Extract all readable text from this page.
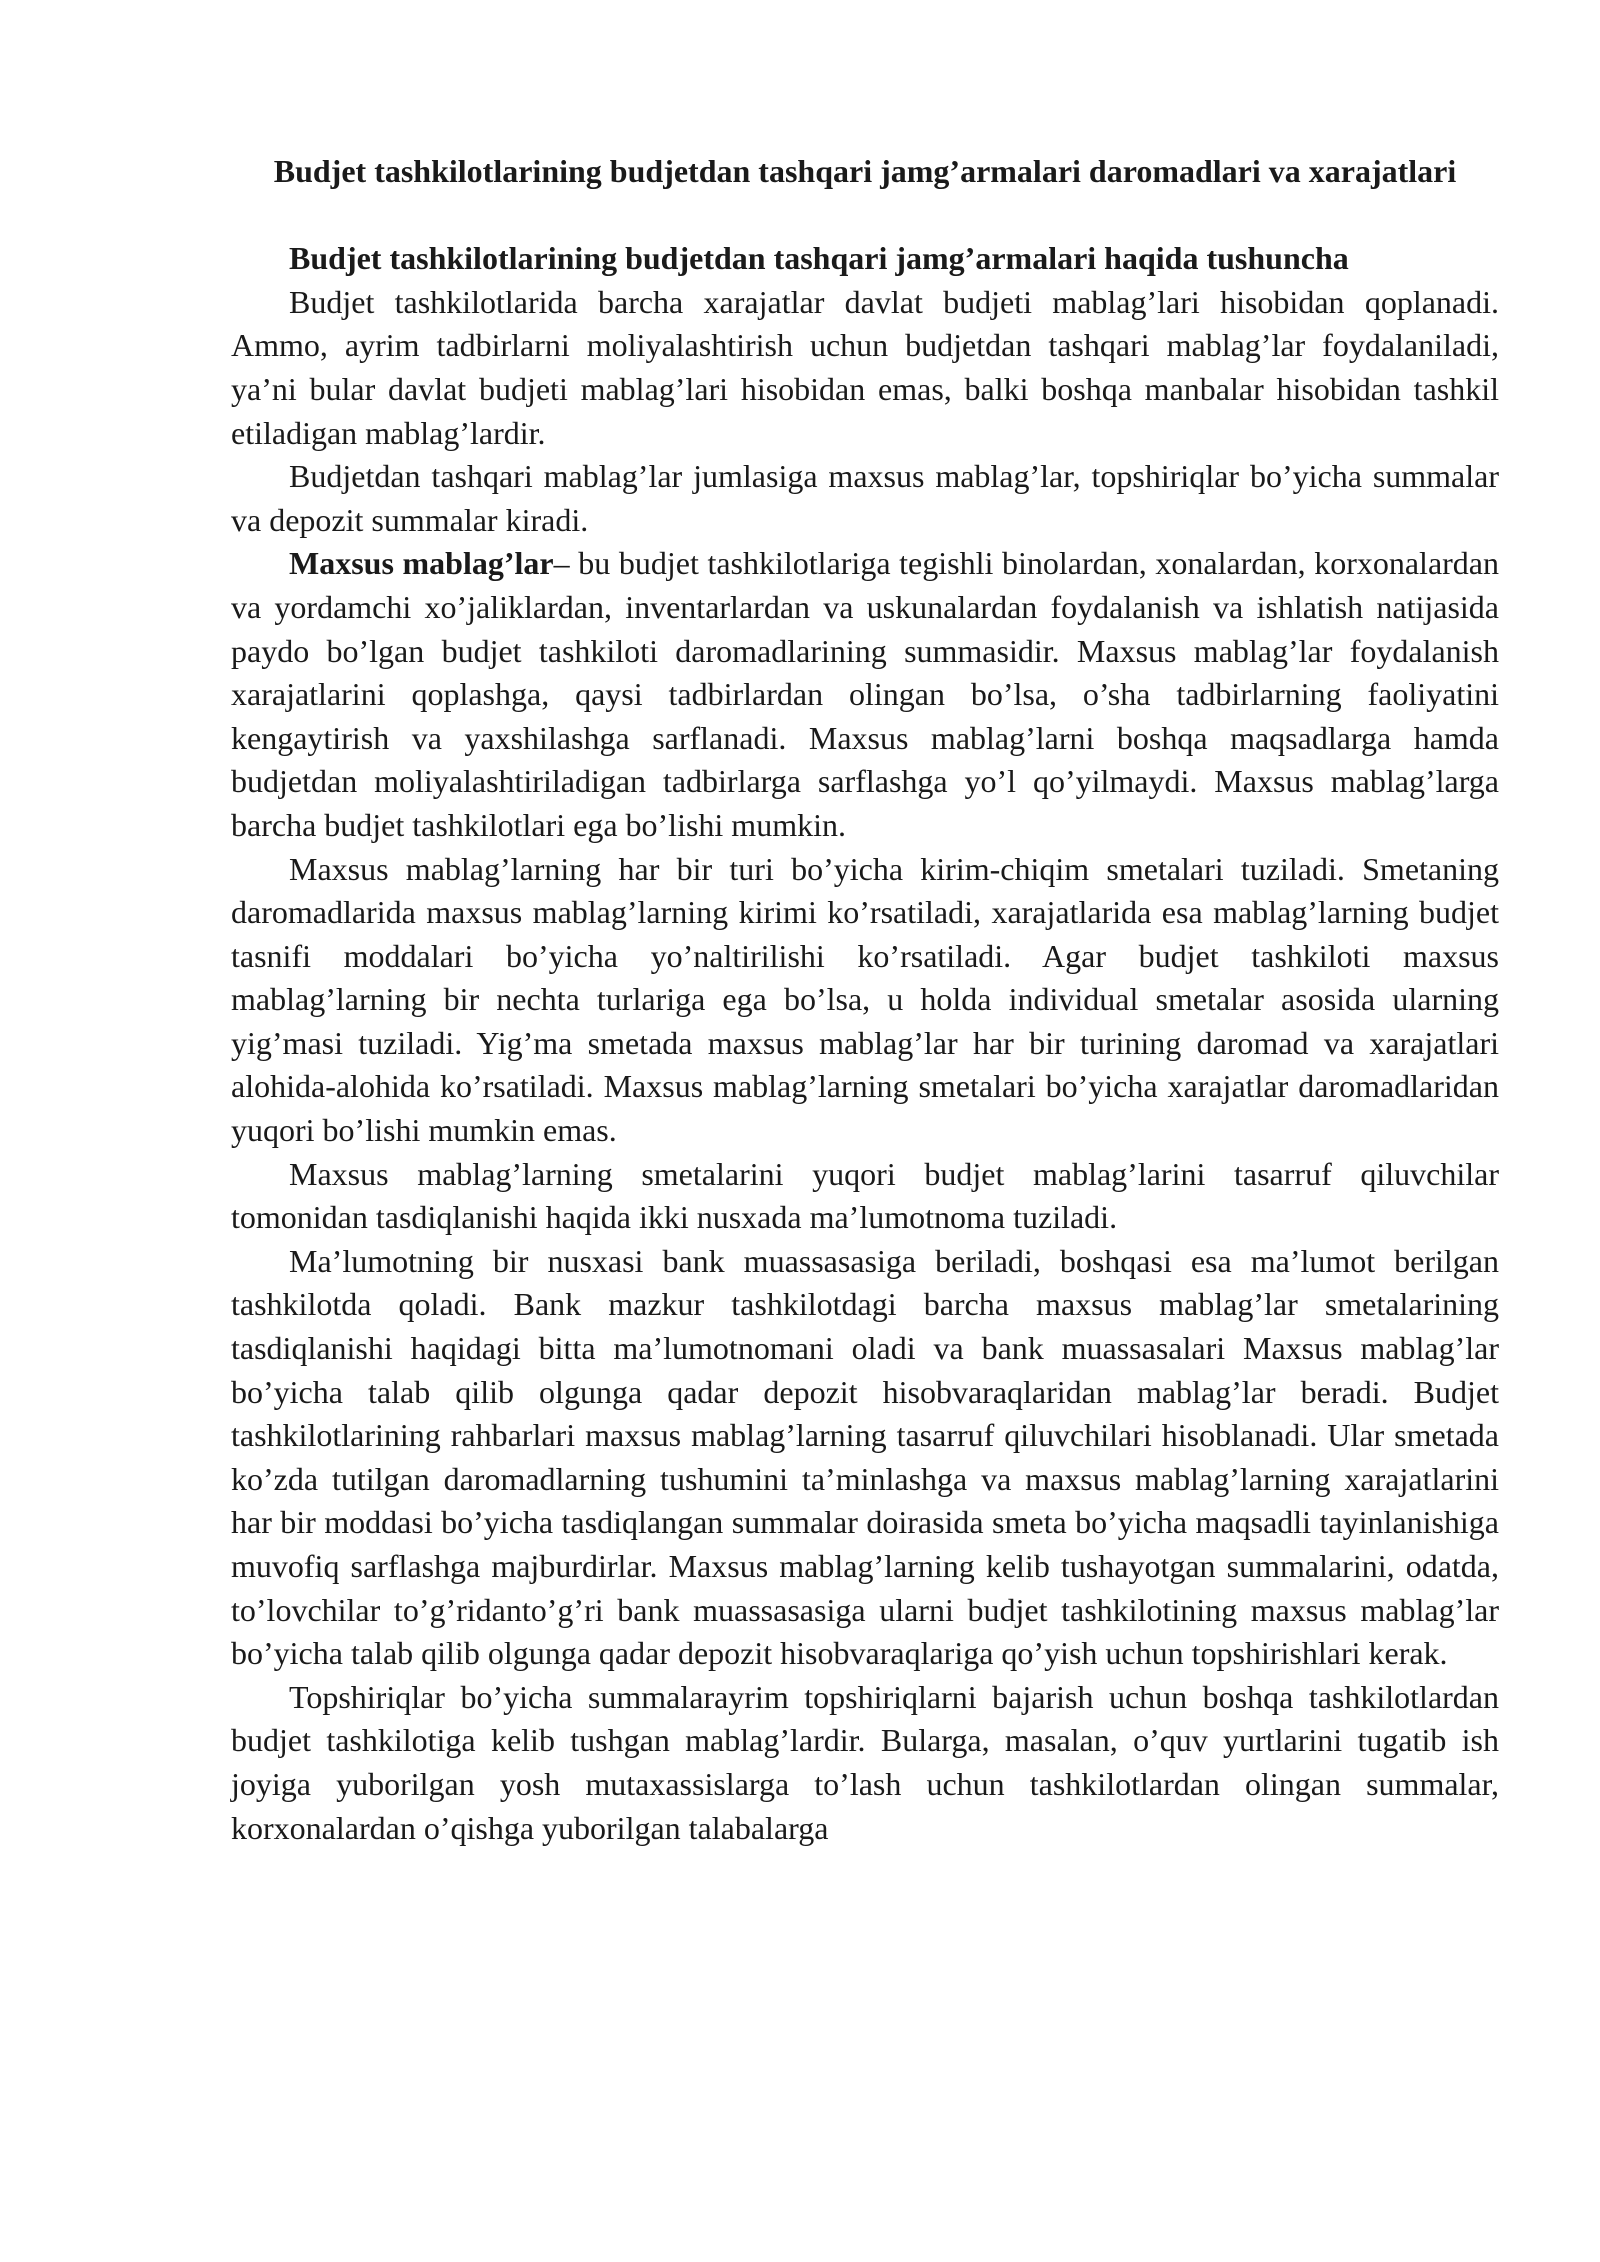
Budjet tashkilotlarining budjetdan tashqari jamg’armalari daromadlari va xarajatlari
Budjet tashkilotlarining budjetdan tashqari jamg’armalari haqida tushuncha

Budjet tashkilotlarida barcha xarajatlar davlat budjeti mablag’lari hisobidan qoplanadi. Ammo, ayrim tadbirlarni moliyalashtirish uchun budjetdan tashqari mablag’lar foydalaniladi, ya’ni bular davlat budjeti mablag’lari hisobidan emas, balki boshqa manbalar hisobidan tashkil etiladigan mablag’lardir.

Budjetdan tashqari mablag’lar jumlasiga maxsus mablag’lar, topshiriqlar bo’yicha summalar va depozit summalar kiradi.

Maxsus mablag’lar– bu budjet tashkilotlariga tegishli binolardan, xonalardan, korxonalardan va yordamchi xo’jaliklardan, inventarlardan va uskunalardan foydalanish va ishlatish natijasida paydo bo’lgan budjet tashkiloti daromadlarining summasidir. Maxsus mablag’lar foydalanish xarajatlarini qoplashga, qaysi tadbirlardan olingan bo’lsa, o’sha tadbirlarning faoliyatini kengaytirish va yaxshilashga sarflanadi. Maxsus mablag’larni boshqa maqsadlarga hamda budjetdan moliyalashtiriladigan tadbirlarga sarflashga yo’l qo’yilmaydi. Maxsus mablag’larga barcha budjet tashkilotlari ega bo’lishi mumkin.

Maxsus mablag’larning har bir turi bo’yicha kirim-chiqim smetalari tuziladi. Smetaning daromadlarida maxsus mablag’larning kirimi ko’rsatiladi, xarajatlarida esa mablag’larning budjet tasnifi moddalari bo’yicha yo’naltirilishi ko’rsatiladi. Agar budjet tashkiloti maxsus mablag’larning bir nechta turlariga ega bo’lsa, u holda individual smetalar asosida ularning yig’masi tuziladi. Yig’ma smetada maxsus mablag’lar har bir turining daromad va xarajatlari alohida-alohida ko’rsatiladi. Maxsus mablag’larning smetalari bo’yicha xarajatlar daromadlaridan yuqori bo’lishi mumkin emas.

Maxsus mablag’larning smetalarini yuqori budjet mablag’larini tasarruf qiluvchilar tomonidan tasdiqlanishi haqida ikki nusxada ma’lumotnoma tuziladi.

Ma’lumotning bir nusxasi bank muassasasiga beriladi, boshqasi esa ma’lumot berilgan tashkilotda qoladi. Bank mazkur tashkilotdagi barcha maxsus mablag’lar smetalarining tasdiqlanishi haqidagi bitta ma’lumotnomani oladi va bank muassasalari Maxsus mablag’lar bo’yicha talab qilib olgunga qadar depozit hisobvaraqlaridan mablag’lar beradi. Budjet tashkilotlarining rahbarlari maxsus mablag’larning tasarruf qiluvchilari hisoblanadi. Ular smetada ko’zda tutilgan daromadlarning tushumini ta’minlashga va maxsus mablag’larning xarajatlarini har bir moddasi bo’yicha tasdiqlangan summalar doirasida smeta bo’yicha maqsadli tayinlanishiga muvofiq sarflashga majburdirlar. Maxsus mablag’larning kelib tushayotgan summalarini, odatda, to’lovchilar to’g’ridanto’g’ri bank muassasasiga ularni budjet tashkilotining maxsus mablag’lar bo’yicha talab qilib olgunga qadar depozit hisobvaraqlariga qo’yish uchun topshirishlari kerak.

Topshiriqlar bo’yicha summalarayrim topshiriqlarni bajarish uchun boshqa tashkilotlardan budjet tashkilotiga kelib tushgan mablag’lardir. Bularga, masalan, o’quv yurtlarini tugatib ish joyiga yuborilgan yosh mutaxassislarga to’lash uchun tashkilotlardan olingan summalar, korxonalardan o’qishga yuborilgan talabalarga
